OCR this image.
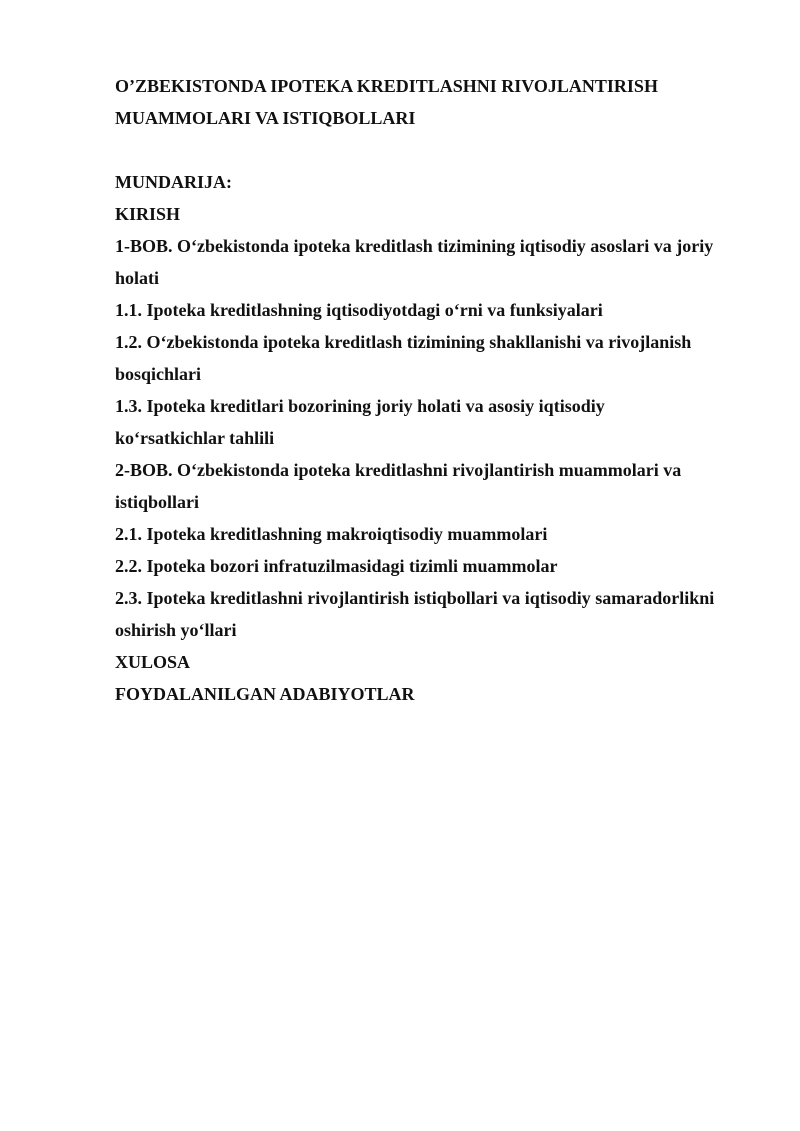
O’ZBEKISTONDA IPOTEKA KREDITLASHNI RIVOJLANTIRISH MUAMMOLARI VA ISTIQBOLLARI
MUNDARIJA:
KIRISH
1-BOB. O‘zbekistonda ipoteka kreditlash tizimining iqtisodiy asoslari va joriy holati
1.1. Ipoteka kreditlashning iqtisodiyotdagi o‘rni va funksiyalari
1.2. O‘zbekistonda ipoteka kreditlash tizimining shakllanishi va rivojlanish bosqichlari
1.3. Ipoteka kreditlari bozorining joriy holati va asosiy iqtisodiy ko‘rsatkichlar tahlili
2-BOB. O‘zbekistonda ipoteka kreditlashni rivojlantirish muammolari va istiqbollari
2.1. Ipoteka kreditlashning makroiqtisodiy muammolari
2.2. Ipoteka bozori infratuzilmasidagi tizimli muammolar
2.3. Ipoteka kreditlashni rivojlantirish istiqbollari va iqtisodiy samaradorlikni oshirish yo‘llari
XULOSA
FOYDALANILGAN ADABIYOTLAR
